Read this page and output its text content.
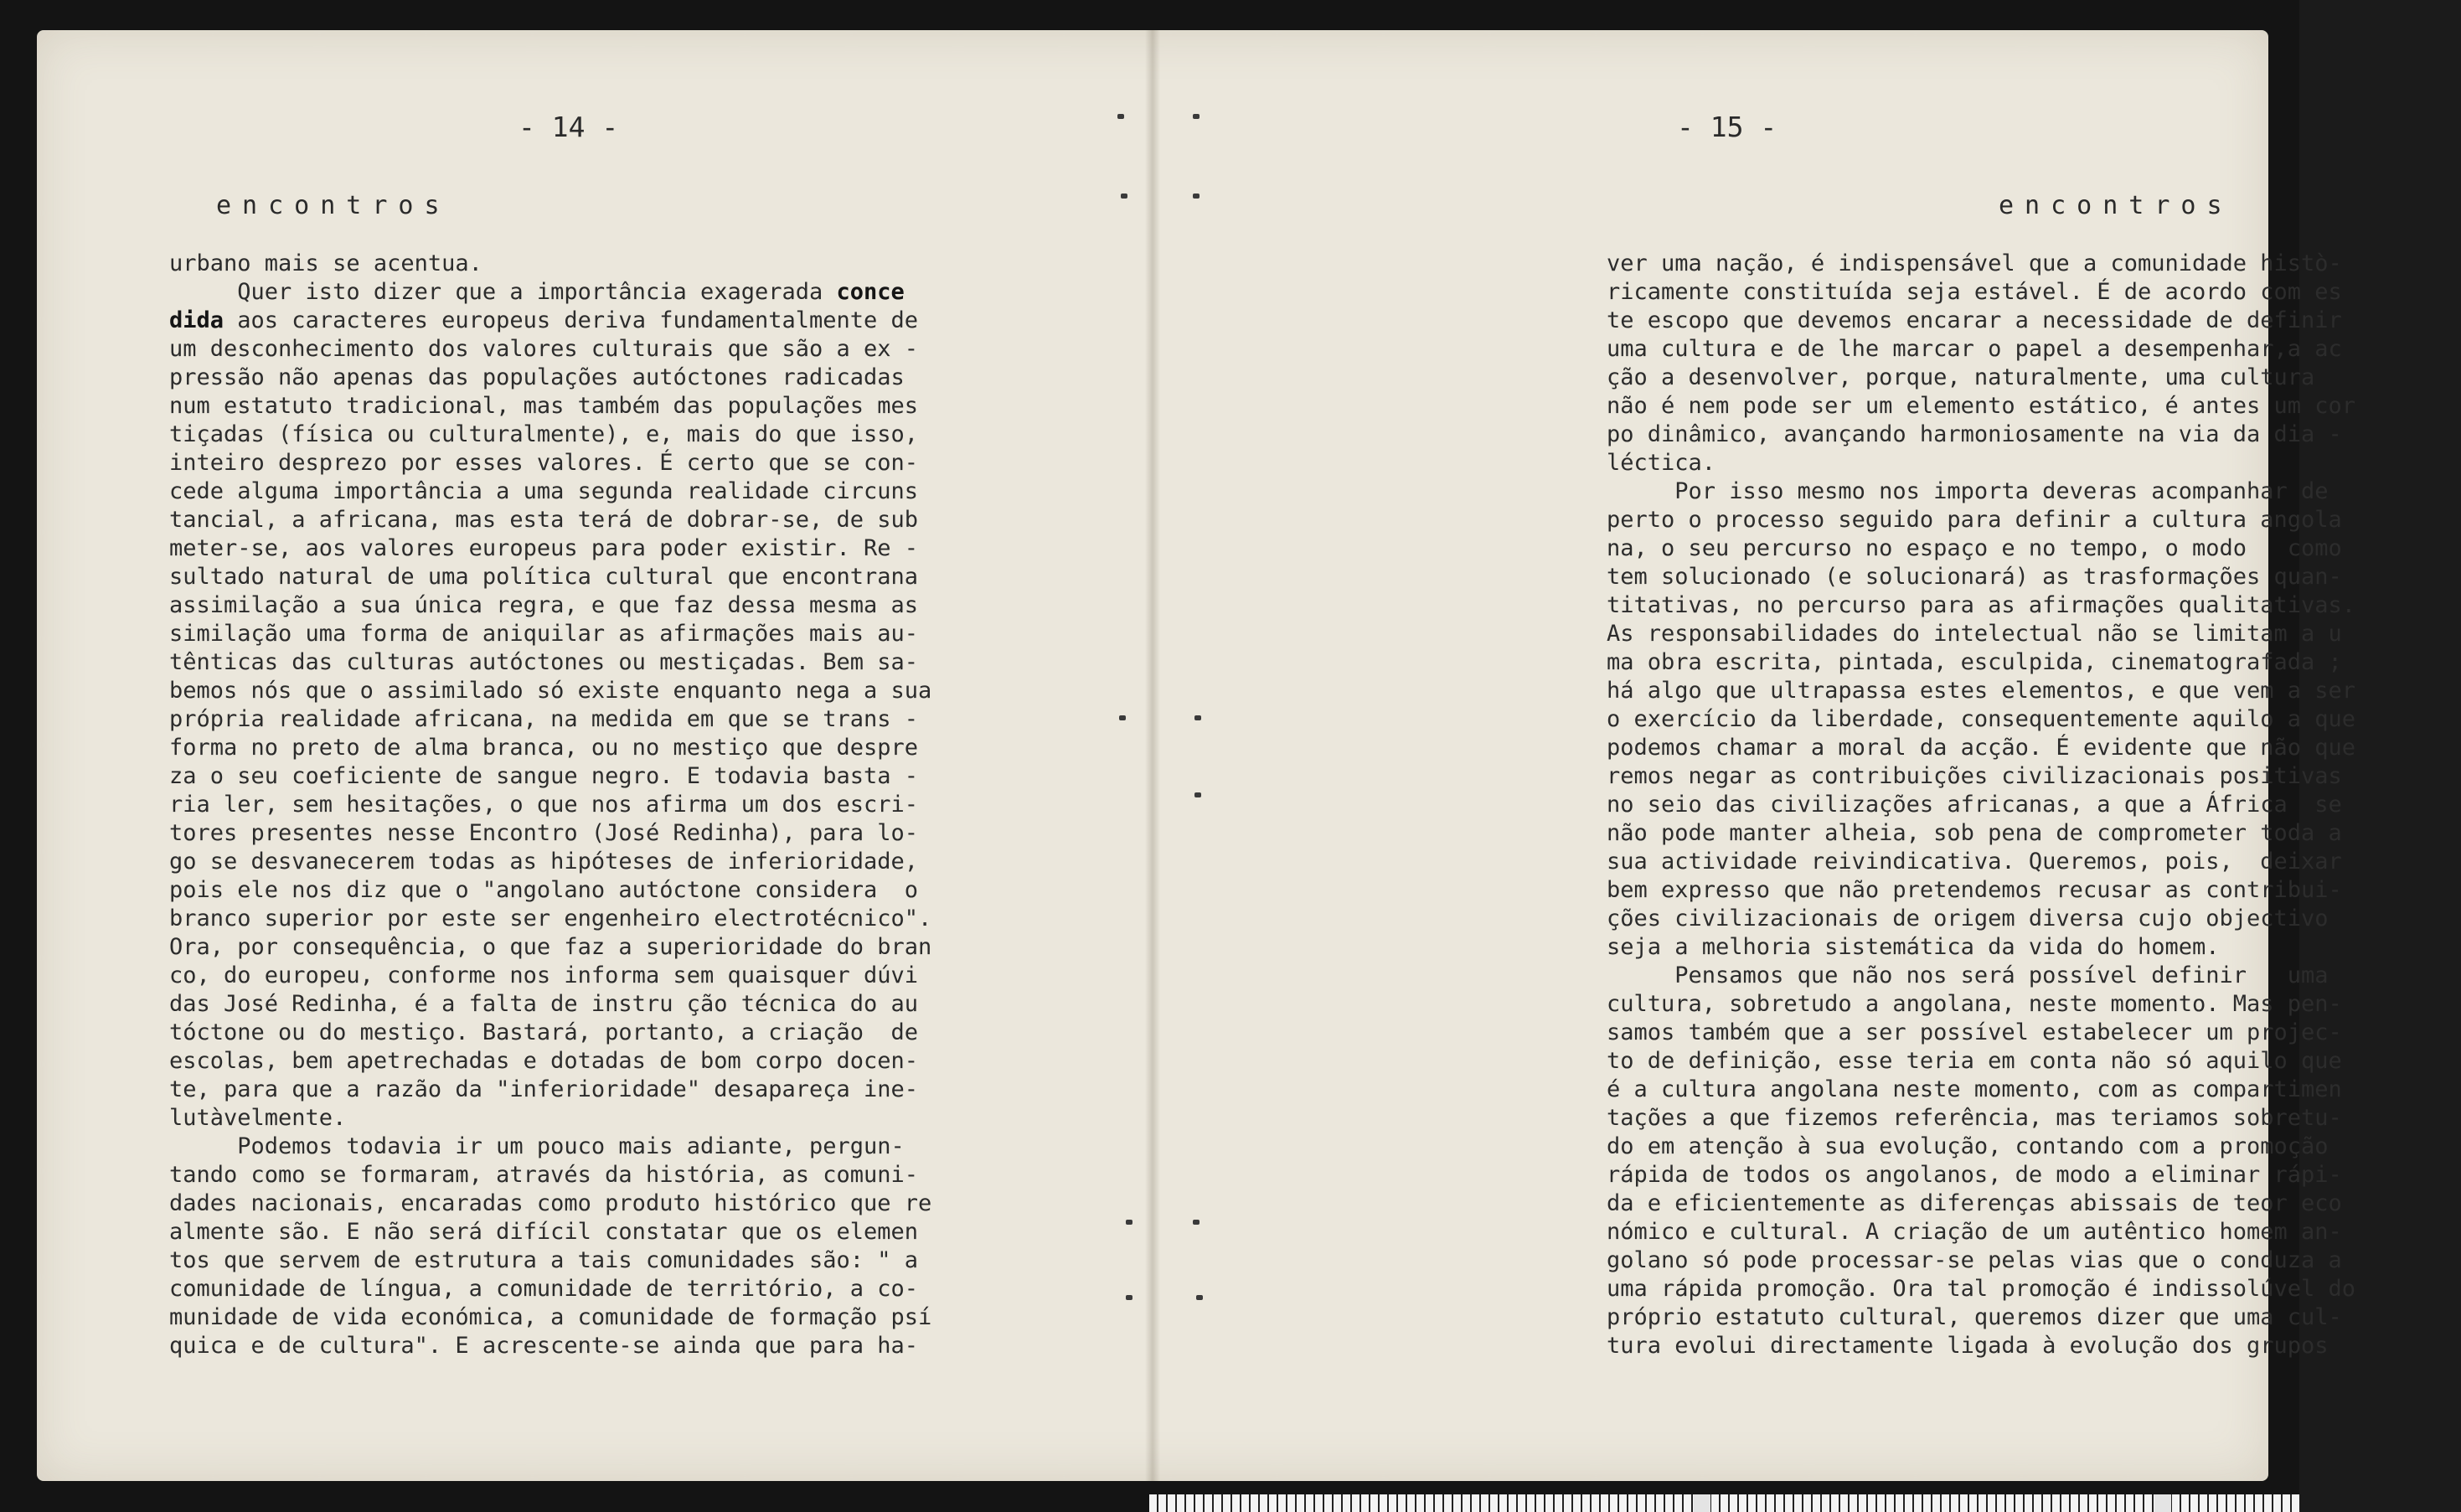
- 14 -

encontros

urbano mais se acentua.
Quer isto dizer que a importância exagerada conce
dida aos caracteres europeus deriva fundamentalmente de
um desconhecimento dos valores culturais que são a ex -
pressão não apenas das populações autóctones radicadas
num estatuto tradicional, mas também das populações mes
tiçadas (física ou culturalmente), e, mais do que isso,
inteiro desprezo por esses valores. É certo que se con-
cede alguma importância a uma segunda realidade circuns
tancial, a africana, mas esta terá de dobrar-se, de sub
meter-se, aos valores europeus para poder existir. Re -
sultado natural de uma política cultural que encontrana
assimilação a sua única regra, e que faz dessa mesma as
similação uma forma de aniquilar as afirmações mais au-
tênticas das culturas autóctones ou mestiçadas. Bem sa-
bemos nós que o assimilado só existe enquanto nega a sua
própria realidade africana, na medida em que se trans -
forma no preto de alma branca, ou no mestiço que despre
za o seu coeficiente de sangue negro. E todavia basta -
ria ler, sem hesitações, o que nos afirma um dos escri-
tores presentes nesse Encontro (José Redinha), para lo-
go se desvanecerem todas as hipóteses de inferioridade,
pois ele nos diz que o "angolano autóctone considera  o
branco superior por este ser engenheiro electrotécnico".
Ora, por consequência, o que faz a superioridade do bran
co, do europeu, conforme nos informa sem quaisquer dúvi
das José Redinha, é a falta de instru ção técnica do au
tóctone ou do mestiço. Bastará, portanto, a criação  de
escolas, bem apetrechadas e dotadas de bom corpo docen-
te, para que a razão da "inferioridade" desapareça ine-
lutàvelmente.
Podemos todavia ir um pouco mais adiante, pergun-
tando como se formaram, através da história, as comuni-
dades nacionais, encaradas como produto histórico que re
almente são. E não será difícil constatar que os elemen
tos que servem de estrutura a tais comunidades são: " a
comunidade de língua, a comunidade de território, a co-
munidade de vida económica, a comunidade de formação psí
quica e de cultura". E acrescente-se ainda que para ha-

- 15 -

encontros

ver uma nação, é indispensável que a comunidade histò-
ricamente constituída seja estável. É de acordo com es
te escopo que devemos encarar a necessidade de definir
uma cultura e de lhe marcar o papel a desempenhar,a ac
ção a desenvolver, porque, naturalmente, uma cultura
não é nem pode ser um elemento estático, é antes um cor
po dinâmico, avançando harmoniosamente na via da dia -
léctica.
Por isso mesmo nos importa deveras acompanhar de
perto o processo seguido para definir a cultura angola
na, o seu percurso no espaço e no tempo, o modo   como
tem solucionado (e solucionará) as trasformações quan-
titativas, no percurso para as afirmações qualitativas.
As responsabilidades do intelectual não se limitam a u
ma obra escrita, pintada, esculpida, cinematografada ;
há algo que ultrapassa estes elementos, e que vem a ser
o exercício da liberdade, consequentemente aquilo a que
podemos chamar a moral da acção. É evidente que não que
remos negar as contribuições civilizacionais positivas
no seio das civilizações africanas, a que a África  se
não pode manter alheia, sob pena de comprometer toda a
sua actividade reivindicativa. Queremos, pois,  deixar
bem expresso que não pretendemos recusar as contribui-
ções civilizacionais de origem diversa cujo objectivo
seja a melhoria sistemática da vida do homem.
Pensamos que não nos será possível definir   uma
cultura, sobretudo a angolana, neste momento. Mas pen-
samos também que a ser possível estabelecer um projec-
to de definição, esse teria em conta não só aquilo que
é a cultura angolana neste momento, com as compartimen
tações a que fizemos referência, mas teriamos sobretu-
do em atenção à sua evolução, contando com a promoção
rápida de todos os angolanos, de modo a eliminar rápi-
da e eficientemente as diferenças abissais de teor eco
nómico e cultural. A criação de um autêntico homem an-
golano só pode processar-se pelas vias que o conduza a
uma rápida promoção. Ora tal promoção é indissolúvel do
próprio estatuto cultural, queremos dizer que uma cul-
tura evolui directamente ligada à evolução dos grupos
